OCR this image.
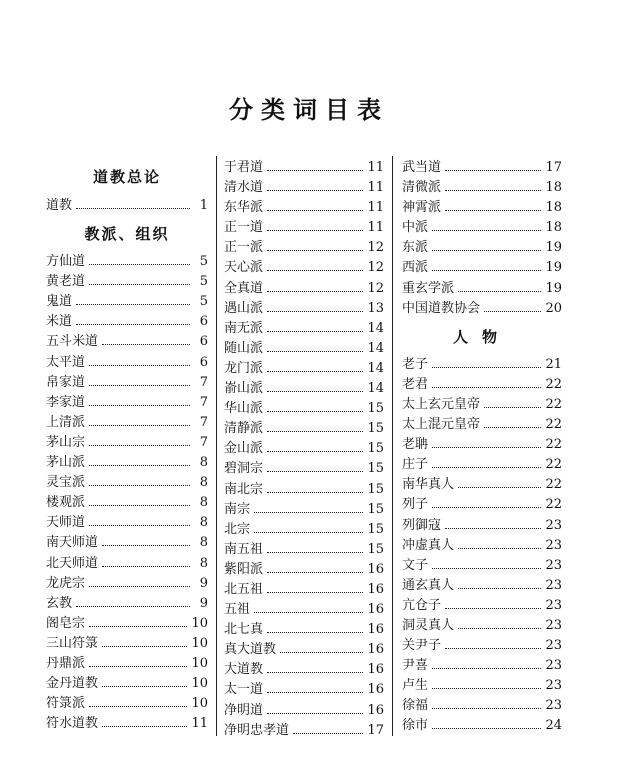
分类词目表
道教总论
道教	1
教派、组织
方仙道	5
黄老道	5
鬼道	5
米道	6
五斗米道	6
太平道	6
帛家道	7
李家道	7
上清派	7
茅山宗	7
茅山派	8
灵宝派	8
楼观派	8
天师道	8
南天师道	8
北天师道	8
龙虎宗	9
玄教	9
阁皂宗	10
三山符箓	10
丹鼎派	10
金丹道教	10
符箓派	10
符水道教	11
于君道	11
清水道	11
东华派	11
正一道	11
正一派	12
天心派	12
全真道	12
遇山派	13
南无派	14
随山派	14
龙门派	14
嵛山派	14
华山派	15
清静派	15
金山派	15
碧洞宗	15
南北宗	15
南宗	15
北宗	15
南五祖	15
紫阳派	16
北五祖	16
五祖	16
北七真	16
真大道教	16
大道教	16
太一道	16
净明道	16
净明忠孝道	17
武当道	17
清微派	18
神霄派	18
中派	18
东派	19
西派	19
重玄学派	19
中国道教协会	20
人物
老子	21
老君	22
太上玄元皇帝	22
太上混元皇帝	22
老聃	22
庄子	22
南华真人	22
列子	22
列御寇	23
冲虚真人	23
文子	23
通玄真人	23
亢仓子	23
洞灵真人	23
关尹子	23
尹喜	23
卢生	23
徐福	23
徐市	24
